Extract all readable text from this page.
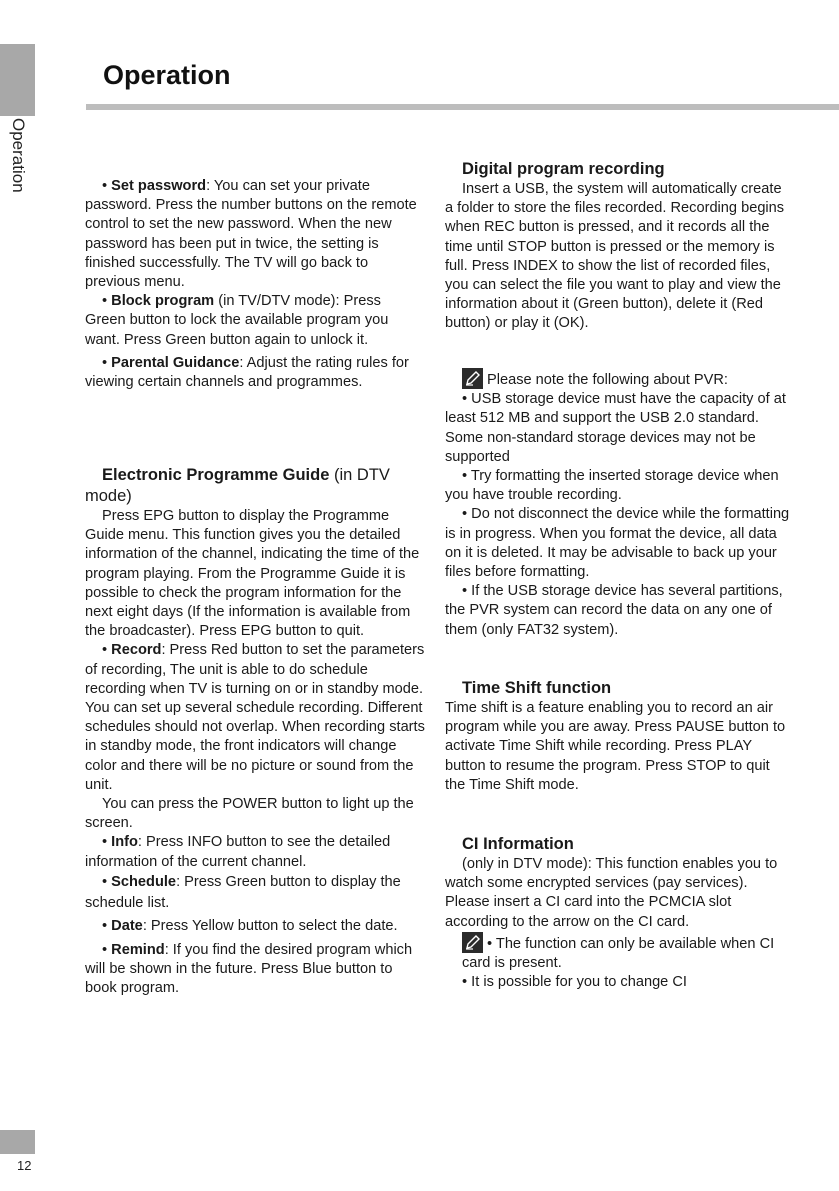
Operation
Operation

• Set password: You can set your private password. Press the number buttons on the remote control to set the new password. When the new password has been put in twice, the setting is finished successfully. The TV will go back to previous menu.

• Block program (in TV/DTV mode): Press Green button to lock the available program you want. Press Green button again to unlock it.

• Parental Guidance: Adjust the rating rules for viewing certain channels and programmes.

Electronic Programme Guide (in DTV mode)

Press EPG button to display the Programme Guide menu. This function gives you the detailed information of the channel, indicating the time of the program playing. From the Programme Guide it is possible to check the program information for the next eight days (If the information is available from the broadcaster). Press EPG button to quit.

• Record: Press Red button to set the parameters of recording, The unit is able to do schedule recording when TV is turning on or in standby mode. You can set up several schedule recording. Different schedules should not overlap. When recording starts in standby mode, the front indicators will change color and there will be no picture or sound from the unit.

You can press the POWER button to light up the screen.

• Info: Press INFO button to see the detailed information of the current channel.

• Schedule: Press Green button to display the schedule list.

• Date: Press Yellow button to select the date.

• Remind: If you find the desired program which will be shown in the future. Press Blue button to book program.

Digital program recording

Insert a USB, the system will automatically create a folder to store the files recorded. Recording begins when REC button is pressed, and it records all the time until STOP button is pressed or the memory is full. Press INDEX to show the list of recorded files, you can select the file you want to play and view the information about it (Green button), delete it (Red button) or play it (OK).

Please note the following about PVR:

• USB storage device must have the capacity of at least 512 MB and support the USB 2.0 standard. Some non-standard storage devices may not be supported

• Try formatting the inserted storage device when you have trouble recording.

• Do not disconnect the device while the formatting is in progress. When you format the device, all data on it is deleted. It may be advisable to back up your files before formatting.

• If the USB storage device has several partitions, the PVR system can record the data on any one of them (only FAT32 system).

Time Shift function

Time shift is a feature enabling you to record an air program while you are away. Press PAUSE button to activate Time Shift while recording. Press PLAY button to resume the program. Press STOP to quit the Time Shift mode.

CI Information

(only in DTV mode): This function enables you to watch some encrypted services (pay services). Please insert a CI card into the PCMCIA slot according to the arrow on the CI card.

• The function can only be available when CI card is present.

• It is possible for you to change CI

12
